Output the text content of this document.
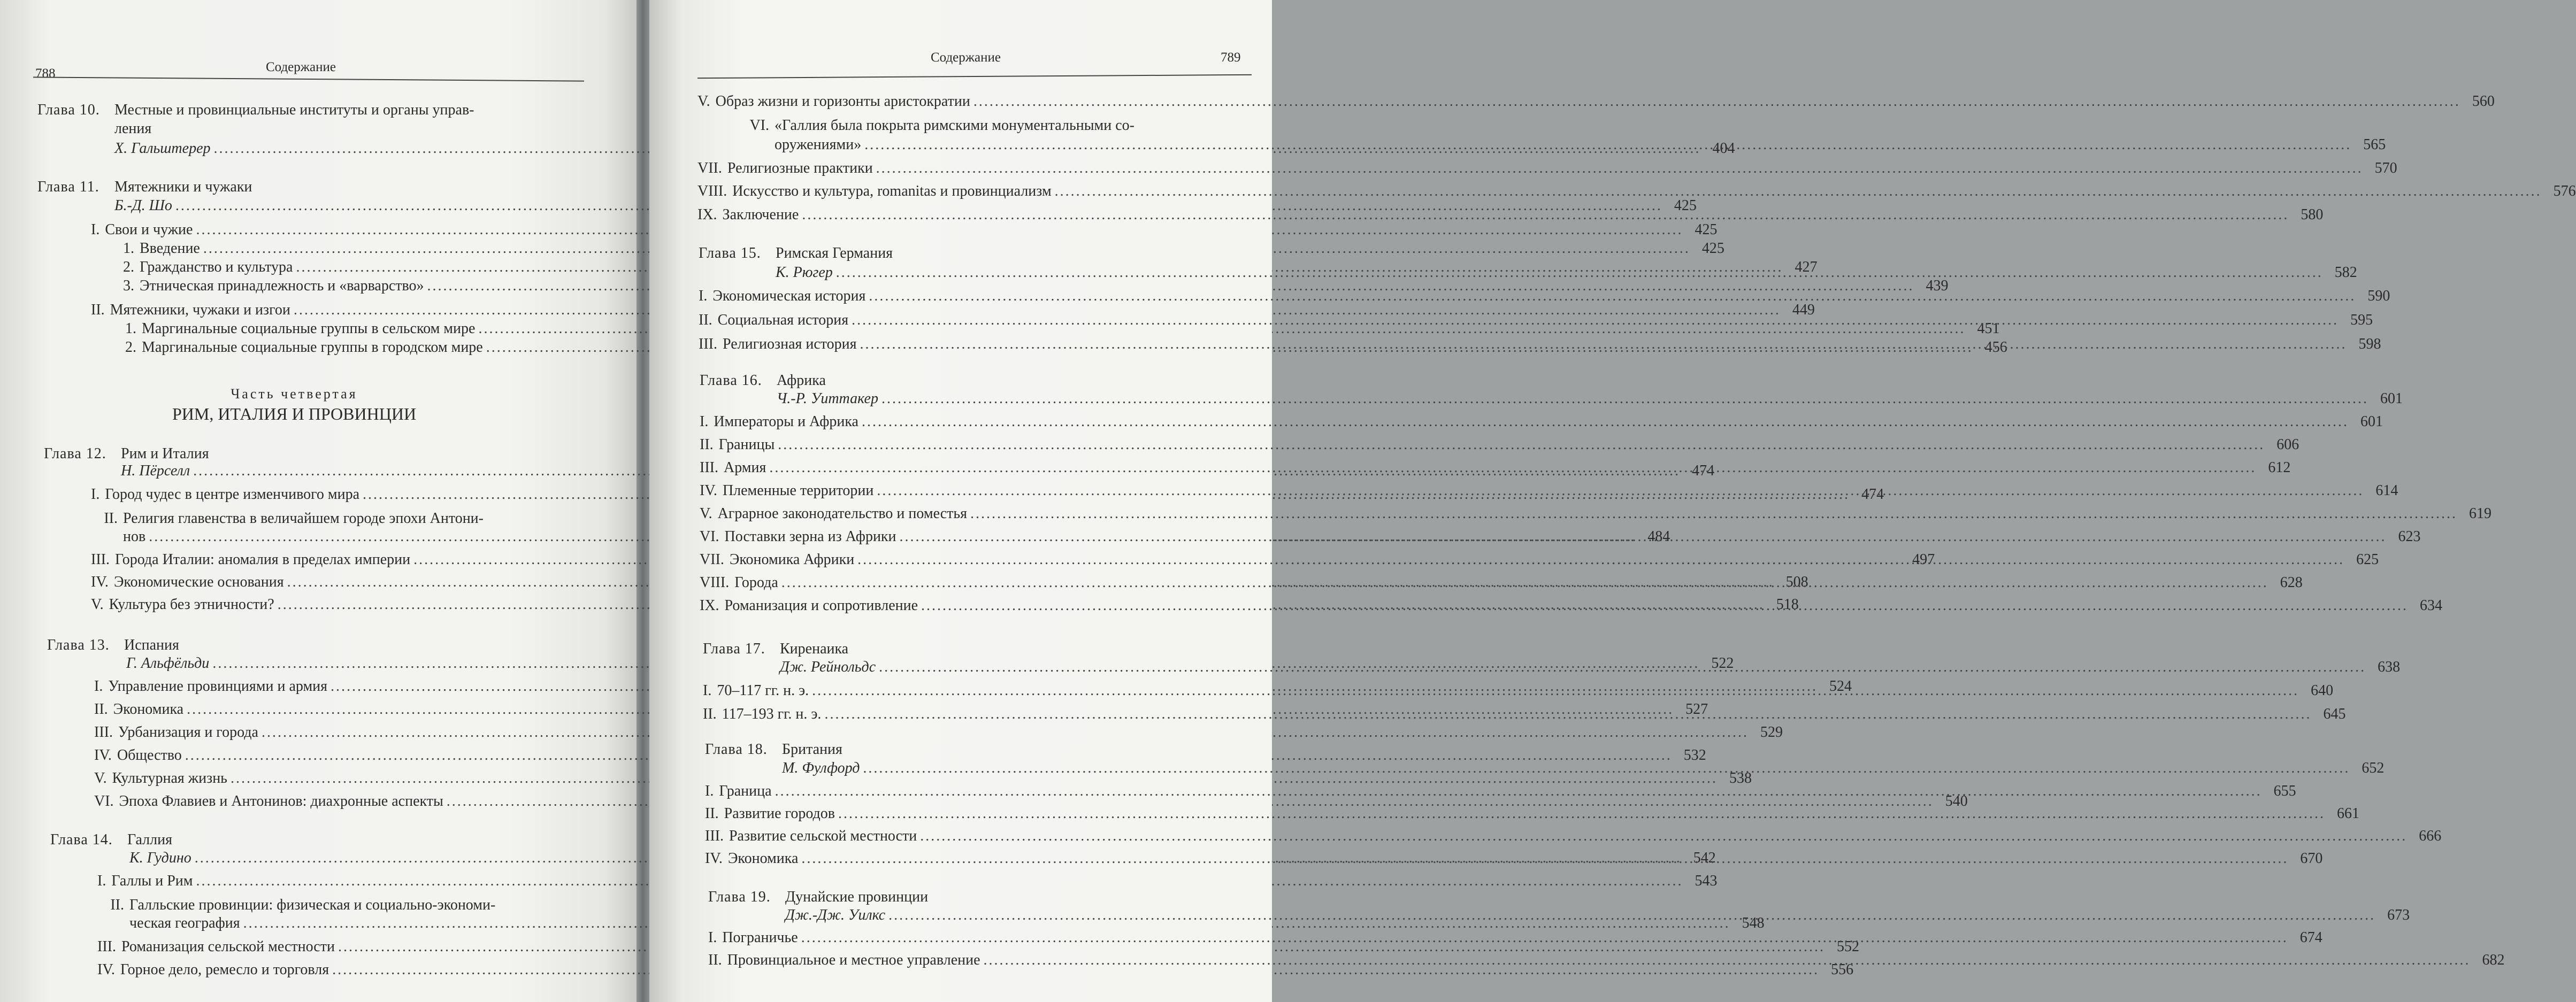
788	Содержание
Глава 10. Местные и провинциальные институты и органы управ-
ления
Х. Гальштерер .....	404
Глава 11. Мятежники и чужаки
Б.-Д. Шо .....	425
I. Свои и чужие .....	425
1. Введение .....	425
2. Гражданство и культура .....	427
3. Этническая принадлежность и «варварство» .....	439
II. Мятежники, чужаки и изгои .....	449
1. Маргинальные социальные группы в сельском мире .....	451
2. Маргинальные социальные группы в городском мире .....	456
Часть четвертая
РИМ, ИТАЛИЯ И ПРОВИНЦИИ
Глава 12. Рим и Италия
Н. Пёрселл .....	474
I. Город чудес в центре изменчивого мира .....	474
II. Религия главенства в величайшем городе эпохи Антони-
нов .....	484
III. Города Италии: аномалия в пределах империи .....	497
IV. Экономические основания .....	508
V. Культура без этничности? .....	518
Глава 13. Испания
Г. Альфёльди .....	522
I. Управление провинциями и армия .....	524
II. Экономика .....	527
III. Урбанизация и города .....	529
IV. Общество .....	532
V. Культурная жизнь .....	538
VI. Эпоха Флавиев и Антонинов: диахронные аспекты .....	540
Глава 14. Галлия
К. Гудино .....	542
I. Галлы и Рим .....	543
II. Галльские провинции: физическая и социально-экономи-
ческая география .....	548
III. Романизация сельской местности .....	552
IV. Горное дело, ремесло и торговля .....	556
Содержание	789
V. Образ жизни и горизонты аристократии .....	560
VI. «Галлия была покрыта римскими монументальными со-
оружениями» .....	565
VII. Религиозные практики .....	570
VIII. Искусство и культура, romanitas и провинциализм .....	576
IX. Заключение .....	580
Глава 15. Римская Германия
К. Рюгер .....	582
I. Экономическая история .....	590
II. Социальная история .....	595
III. Религиозная история .....	598
Глава 16. Африка
Ч.-Р. Уиттакер .....	601
I. Императоры и Африка .....	601
II. Границы .....	606
III. Армия .....	612
IV. Племенные территории .....	614
V. Аграрное законодательство и поместья .....	619
VI. Поставки зерна из Африки .....	623
VII. Экономика Африки .....	625
VIII. Города .....	628
IX. Романизация и сопротивление .....	634
Глава 17. Киренаика
Дж. Рейнольдс .....	638
I. 70–117 гг. н. э. .....	640
II. 117–193 гг. н. э. .....	645
Глава 18. Британия
М. Фулфорд .....	652
I. Граница .....	655
II. Развитие городов .....	661
III. Развитие сельской местности .....	666
IV. Экономика .....	670
Глава 19. Дунайские провинции
Дж.-Дж. Уилкс .....	673
I. Пограничье .....	674
II. Провинциальное и местное управление .....	682
